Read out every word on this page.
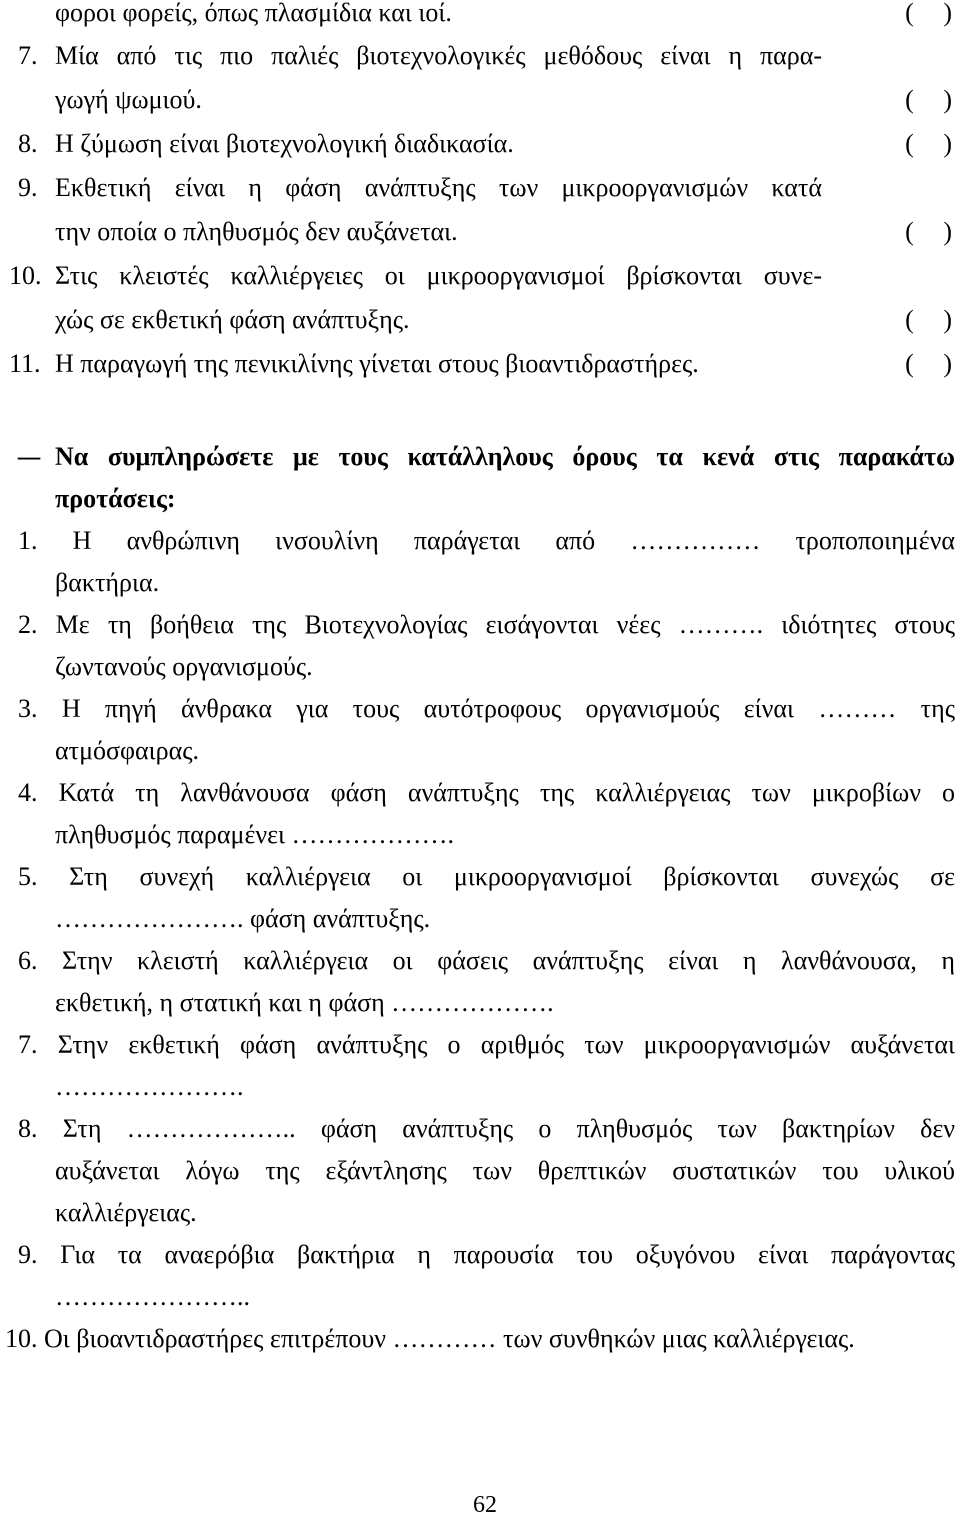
φοροι φορείς, όπως πλασμίδια και ιοί.	( )
7. Μία από τις πιο παλιές βιοτεχνολογικές μεθόδους είναι η παρα-
γωγή ψωμιού.	( )
8. Η ζύμωση είναι βιοτεχνολογική διαδικασία.	( )
9. Εκθετική είναι η φάση ανάπτυξης των μικροοργανισμών κατά
την οποία ο πληθυσμός δεν αυξάνεται.	( )
10. Στις κλειστές καλλιέργειες οι μικροοργανισμοί βρίσκονται συνε-
χώς σε εκθετική φάση ανάπτυξης.	( )
11. Η παραγωγή της πενικιλίνης γίνεται στους βιοαντιδραστήρες.	( )
– Να συμπληρώσετε με τους κατάλληλους όρους τα κενά στις παρακάτω
προτάσεις:
1. Η ανθρώπινη ινσουλίνη παράγεται από …………… τροποποιημένα
βακτήρια.
2. Με τη βοήθεια της Βιοτεχνολογίας εισάγονται νέες ………. ιδιότητες στους
ζωντανούς οργανισμούς.
3. Η πηγή άνθρακα για τους αυτότροφους οργανισμούς είναι ……… της
ατμόσφαιρας.
4. Κατά τη λανθάνουσα φάση ανάπτυξης της καλλιέργειας των μικροβίων ο
πληθυσμός παραμένει ……………….
5. Στη συνεχή καλλιέργεια οι μικροοργανισμοί βρίσκονται συνεχώς σε
…………………. φάση ανάπτυξης.
6. Στην κλειστή καλλιέργεια οι φάσεις ανάπτυξης είναι η λανθάνουσα, η
εκθετική, η στατική και η φάση ……………….
7. Στην εκθετική φάση ανάπτυξης ο αριθμός των μικροοργανισμών αυξάνεται
………………….
8. Στη ……………….. φάση ανάπτυξης ο πληθυσμός των βακτηρίων δεν
αυξάνεται λόγω της εξάντλησης των θρεπτικών συστατικών του υλικού
καλλιέργειας.
9. Για τα αναερόβια βακτήρια η παρουσία του οξυγόνου είναι παράγοντας
…………………..
10. Οι βιοαντιδραστήρες επιτρέπουν ………… των συνθηκών μιας καλλιέργειας.
62
